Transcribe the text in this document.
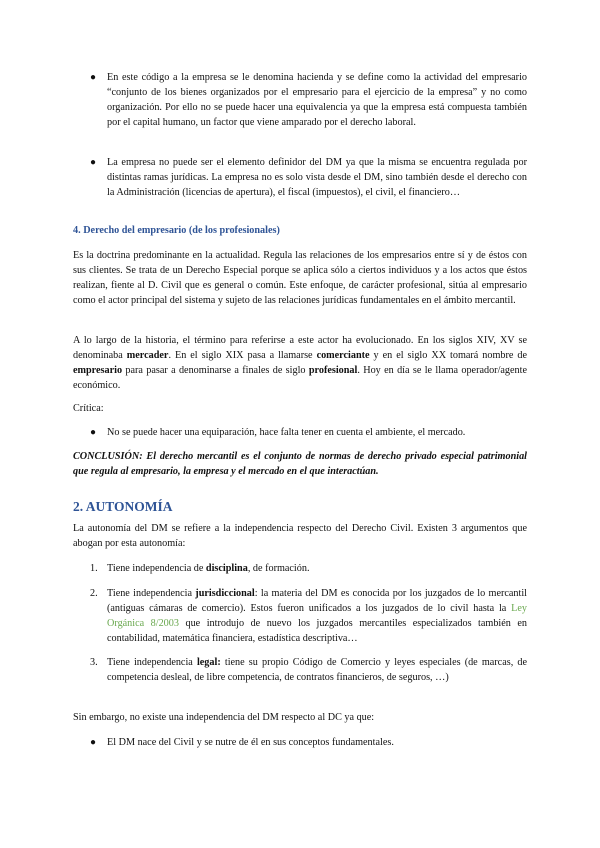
●	En este código a la empresa se le denomina hacienda y se define como la actividad del empresario “conjunto de los bienes organizados por el empresario para el ejercicio de la empresa” y no como organización. Por ello no se puede hacer una equivalencia ya que la empresa está compuesta también por el capital humano, un factor que viene amparado por el derecho laboral.
●	La empresa no puede ser el elemento definidor del DM ya que la misma se encuentra regulada por distintas ramas jurídicas. La empresa no es solo vista desde el DM, sino también desde el derecho con la Administración (licencias de apertura), el fiscal (impuestos), el civil, el financiero…
4. Derecho del empresario (de los profesionales)
Es la doctrina predominante en la actualidad. Regula las relaciones de los empresarios entre sí y de éstos con sus clientes. Se trata de un Derecho Especial porque se aplica sólo a ciertos individuos y a los actos que éstos realizan, fiente al D. Civil que es general o común. Este enfoque, de carácter profesional, sitúa al empresario como el actor principal del sistema y sujeto de las relaciones jurídicas fundamentales en el ámbito mercantil.
A lo largo de la historia, el término para referirse a este actor ha evolucionado. En los siglos XIV, XV se denominaba mercader. En el siglo XIX pasa a llamarse comerciante y en el siglo XX tomará nombre de empresario para pasar a denominarse a finales de siglo profesional. Hoy en día se le llama operador/agente económico.
Crítica:
●	No se puede hacer una equiparación, hace falta tener en cuenta el ambiente, el mercado.
CONCLUSIÓN: El derecho mercantil es el conjunto de normas de derecho privado especial patrimonial que regula al empresario, la empresa y el mercado en el que interactúan.
2. AUTONOMÍA
La autonomía del DM se refiere a la independencia respecto del Derecho Civil. Existen 3 argumentos que abogan por esta autonomía:
1. Tiene independencia de disciplina, de formación.
2. Tiene independencia jurisdiccional: la materia del DM es conocida por los juzgados de lo mercantil (antiguas cámaras de comercio). Estos fueron unificados a los juzgados de lo civil hasta la Ley Orgánica 8/2003 que introdujo de nuevo los juzgados mercantiles especializados también en contabilidad, matemática financiera, estadística descriptiva…
3. Tiene independencia legal: tiene su propio Código de Comercio y leyes especiales (de marcas, de competencia desleal, de libre competencia, de contratos financieros, de seguros, …)
Sin embargo, no existe una independencia del DM respecto al DC ya que:
●	El DM nace del Civil y se nutre de él en sus conceptos fundamentales.
